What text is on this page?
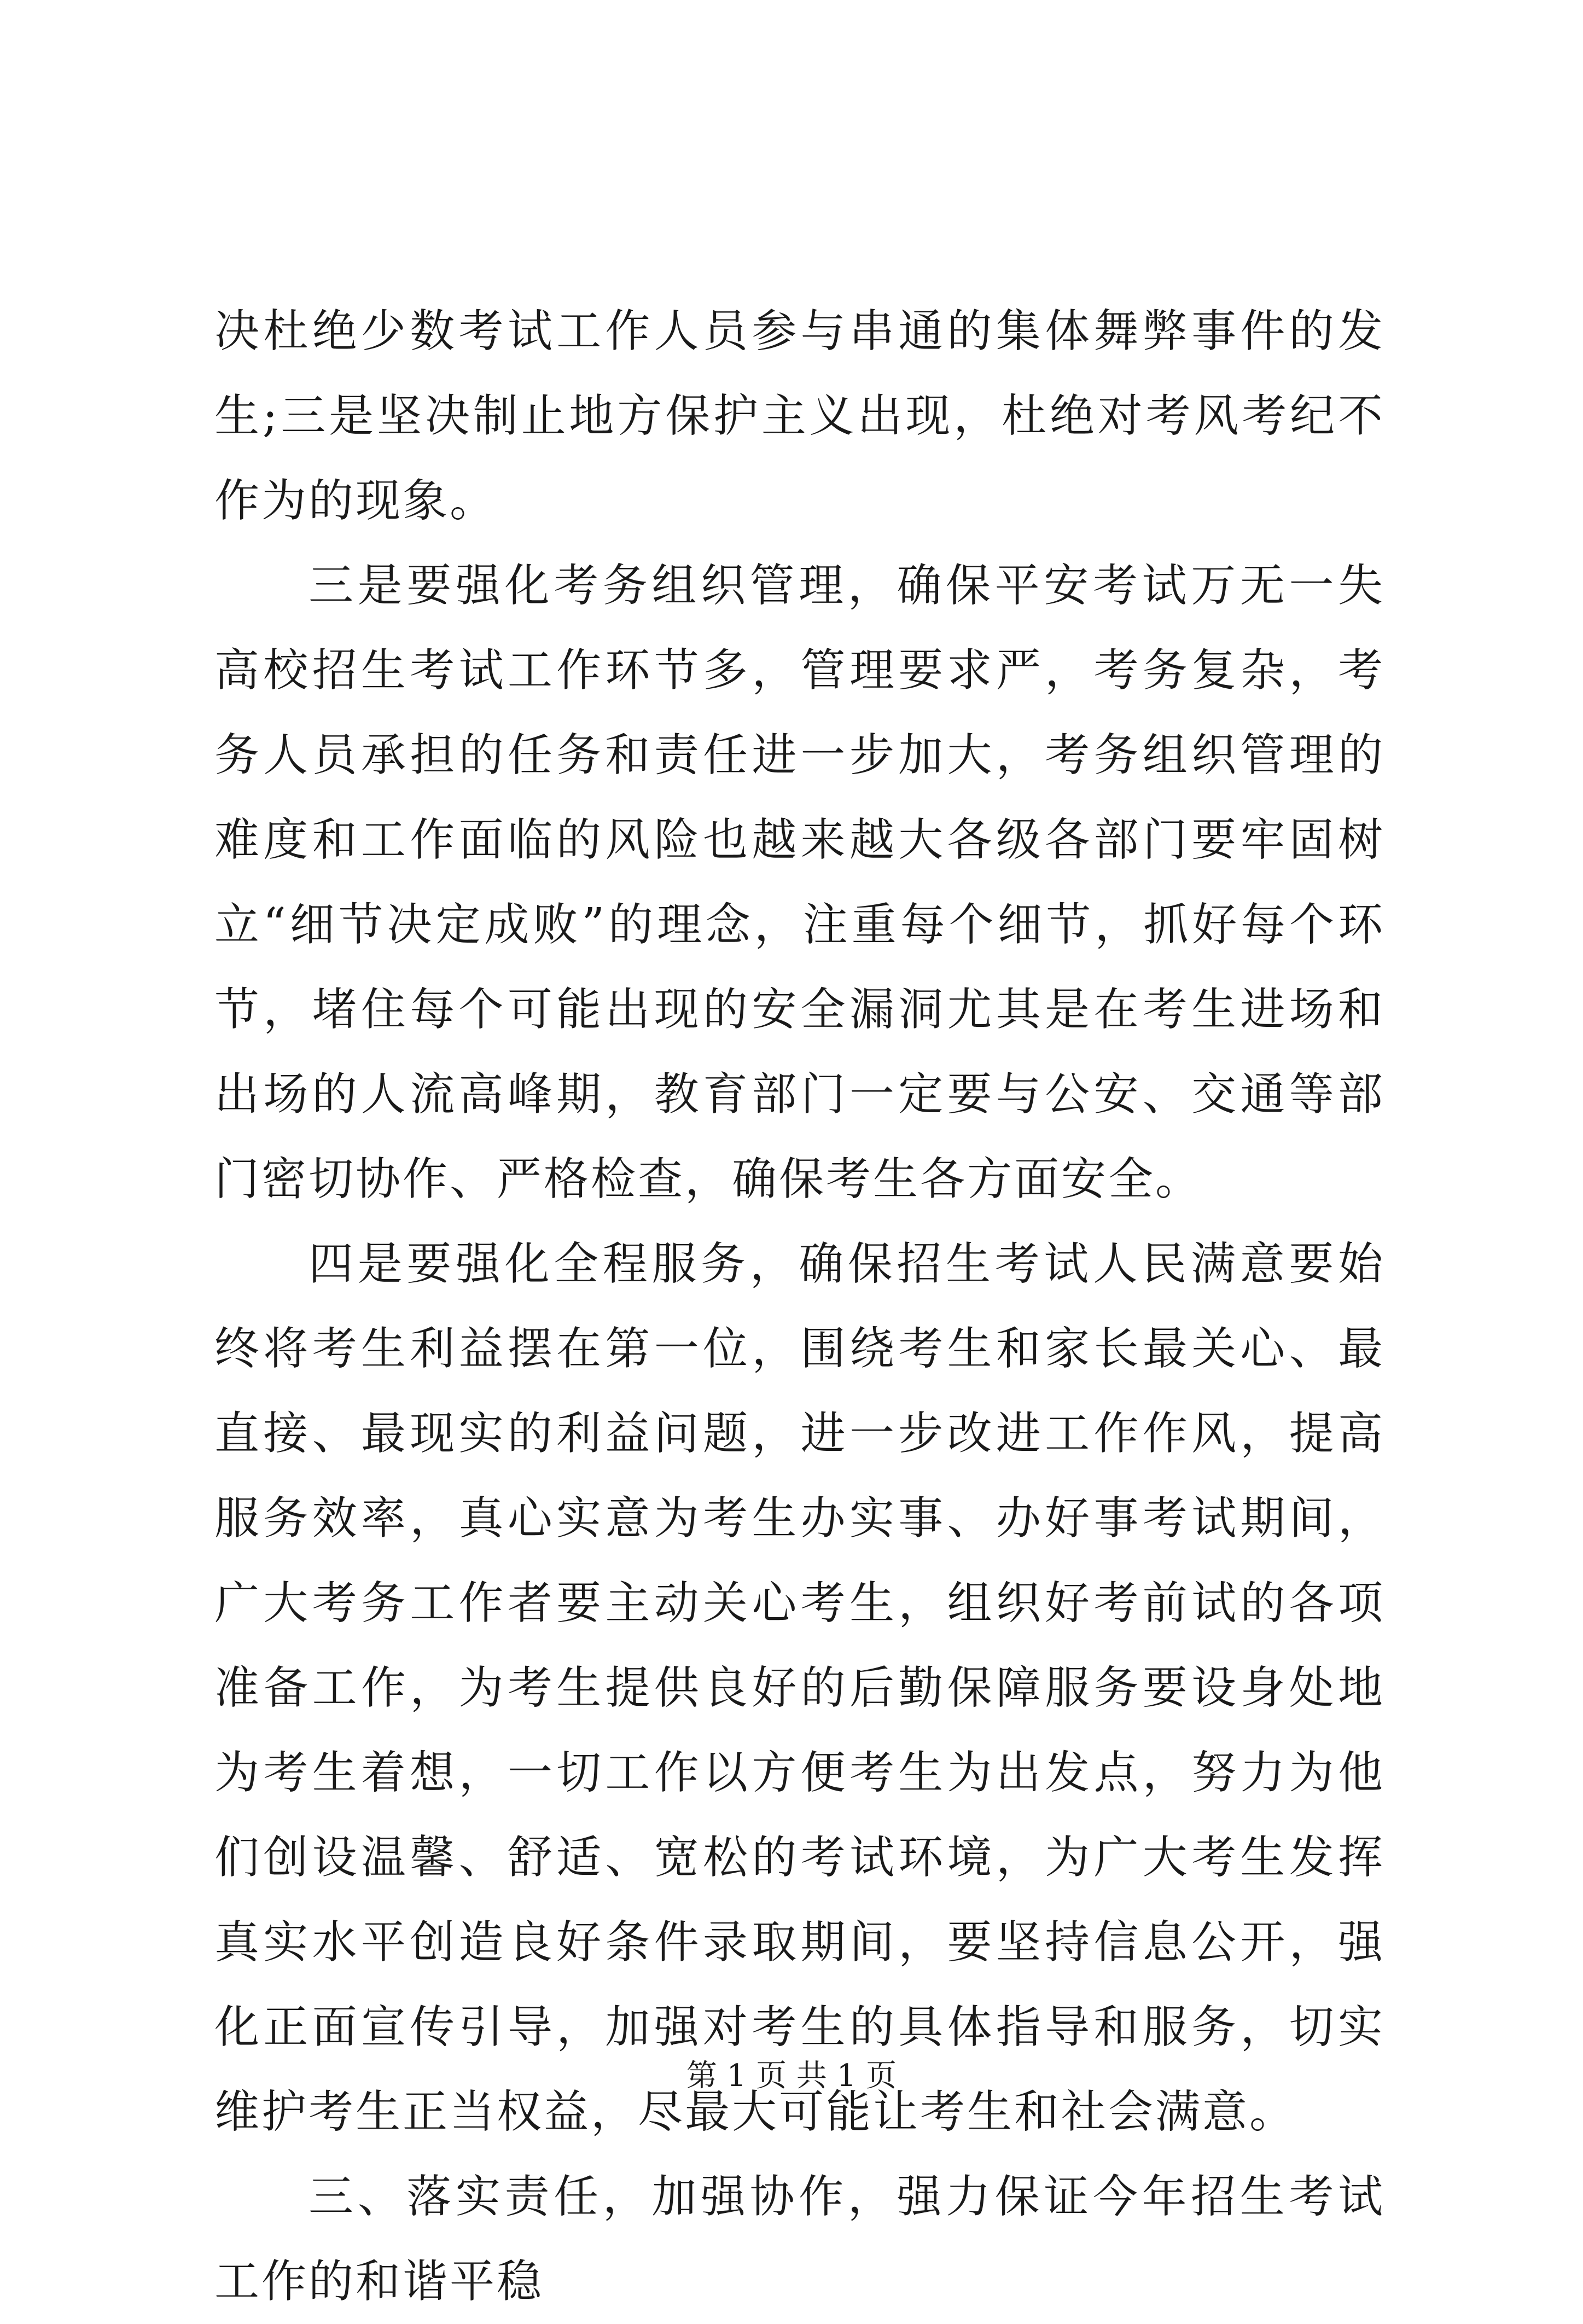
决杜绝少数考试工作人员参与串通的集体舞弊事件的发生;三是坚决制止地方保护主义出现，杜绝对考风考纪不作为的现象。

三是要强化考务组织管理，确保平安考试万无一失高校招生考试工作环节多，管理要求严，考务复杂，考务人员承担的任务和责任进一步加大，考务组织管理的难度和工作面临的风险也越来越大各级各部门要牢固树立“细节决定成败”的理念，注重每个细节，抓好每个环节，堵住每个可能出现的安全漏洞尤其是在考生进场和出场的人流高峰期，教育部门一定要与公安、交通等部门密切协作、严格检查，确保考生各方面安全。

四是要强化全程服务，确保招生考试人民满意要始终将考生利益摆在第一位，围绕考生和家长最关心、最直接、最现实的利益问题，进一步改进工作作风，提高服务效率，真心实意为考生办实事、办好事考试期间，广大考务工作者要主动关心考生，组织好考前试的各项准备工作，为考生提供良好的后勤保障服务要设身处地为考生着想，一切工作以方便考生为出发点，努力为他们创设温馨、舒适、宽松的考试环境，为广大考生发挥真实水平创造良好条件录取期间，要坚持信息公开，强化正面宣传引导，加强对考生的具体指导和服务，切实维护考生正当权益，尽最大可能让考生和社会满意。

三、落实责任，加强协作，强力保证今年招生考试工作的和谐平稳

第 1 页 共 1 页
